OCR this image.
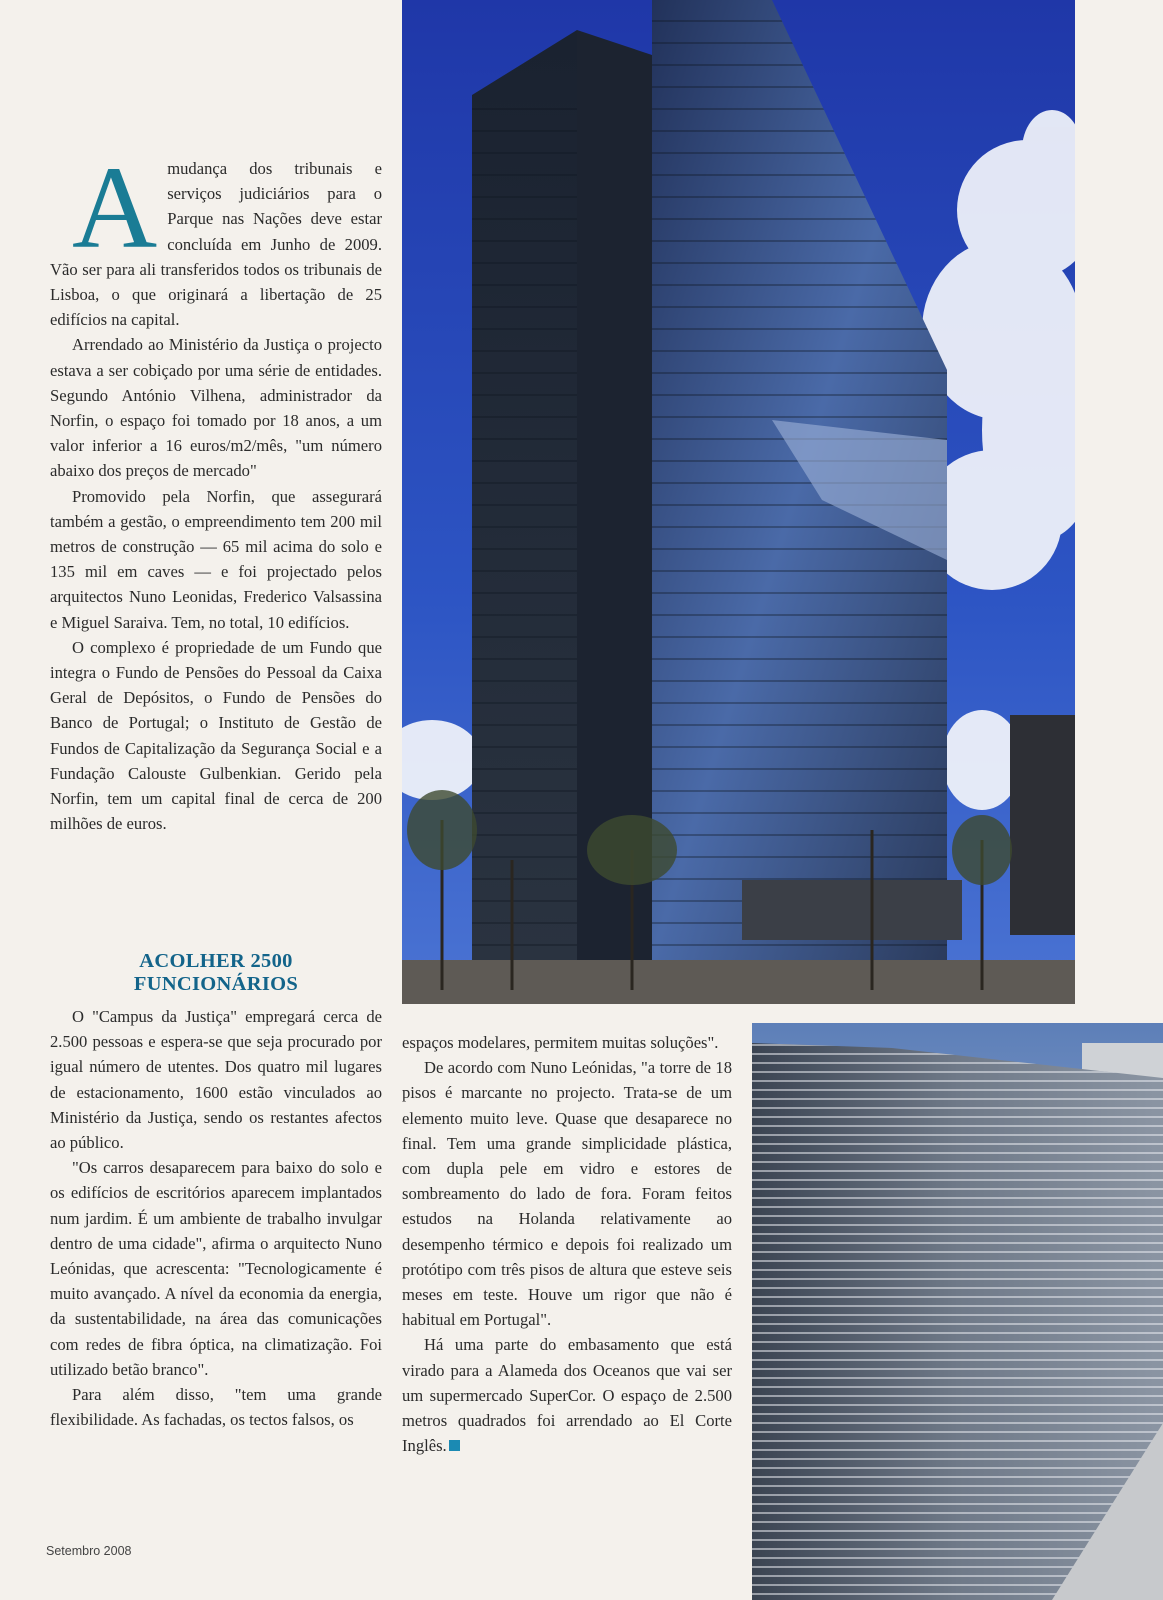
A mudança dos tribunais e serviços judiciários para o Parque nas Nações deve estar concluída em Junho de 2009. Vão ser para ali transferidos todos os tribunais de Lisboa, o que originará a libertação de 25 edifícios na capital.

Arrendado ao Ministério da Justiça o projecto estava a ser cobiçado por uma série de entidades. Segundo António Vilhena, administrador da Norfin, o espaço foi tomado por 18 anos, a um valor inferior a 16 euros/m2/mês, "um número abaixo dos preços de mercado"

Promovido pela Norfin, que assegurará também a gestão, o empreendimento tem 200 mil metros de construção — 65 mil acima do solo e 135 mil em caves — e foi projectado pelos arquitectos Nuno Leonidas, Frederico Valsassina e Miguel Saraiva. Tem, no total, 10 edifícios.

O complexo é propriedade de um Fundo que integra o Fundo de Pensões do Pessoal da Caixa Geral de Depósitos, o Fundo de Pensões do Banco de Portugal; o Instituto de Gestão de Fundos de Capitalização da Segurança Social e a Fundação Calouste Gulbenkian. Gerido pela Norfin, tem um capital final de cerca de 200 milhões de euros.

ACOLHER 2500
FUNCIONÁRIOS

O "Campus da Justiça" empregará cerca de 2.500 pessoas e espera-se que seja procurado por igual número de utentes. Dos quatro mil lugares de estacionamento, 1600 estão vinculados ao Ministério da Justiça, sendo os restantes afectos ao público.

"Os carros desaparecem para baixo do solo e os edifícios de escritórios aparecem implantados num jardim. É um ambiente de trabalho invulgar dentro de uma cidade", afirma o arquitecto Nuno Leónidas, que acrescenta: "Tecnologicamente é muito avançado. A nível da economia da energia, da sustentabilidade, na área das comunicações com redes de fibra óptica, na climatização. Foi utilizado betão branco".

Para além disso, "tem uma grande flexibilidade. As fachadas, os tectos falsos, os

espaços modelares, permitem muitas soluções".

De acordo com Nuno Leónidas, "a torre de 18 pisos é marcante no projecto. Trata-se de um elemento muito leve. Quase que desaparece no final. Tem uma grande simplicidade plástica, com dupla pele em vidro e estores de sombreamento do lado de fora. Foram feitos estudos na Holanda relativamente ao desempenho térmico e depois foi realizado um protótipo com três pisos de altura que esteve seis meses em teste. Houve um rigor que não é habitual em Portugal".

Há uma parte do embasamento que está virado para a Alameda dos Oceanos que vai ser um supermercado SuperCor. O espaço de 2.500 metros quadrados foi arrendado ao El Corte Inglês.

Setembro 2008
